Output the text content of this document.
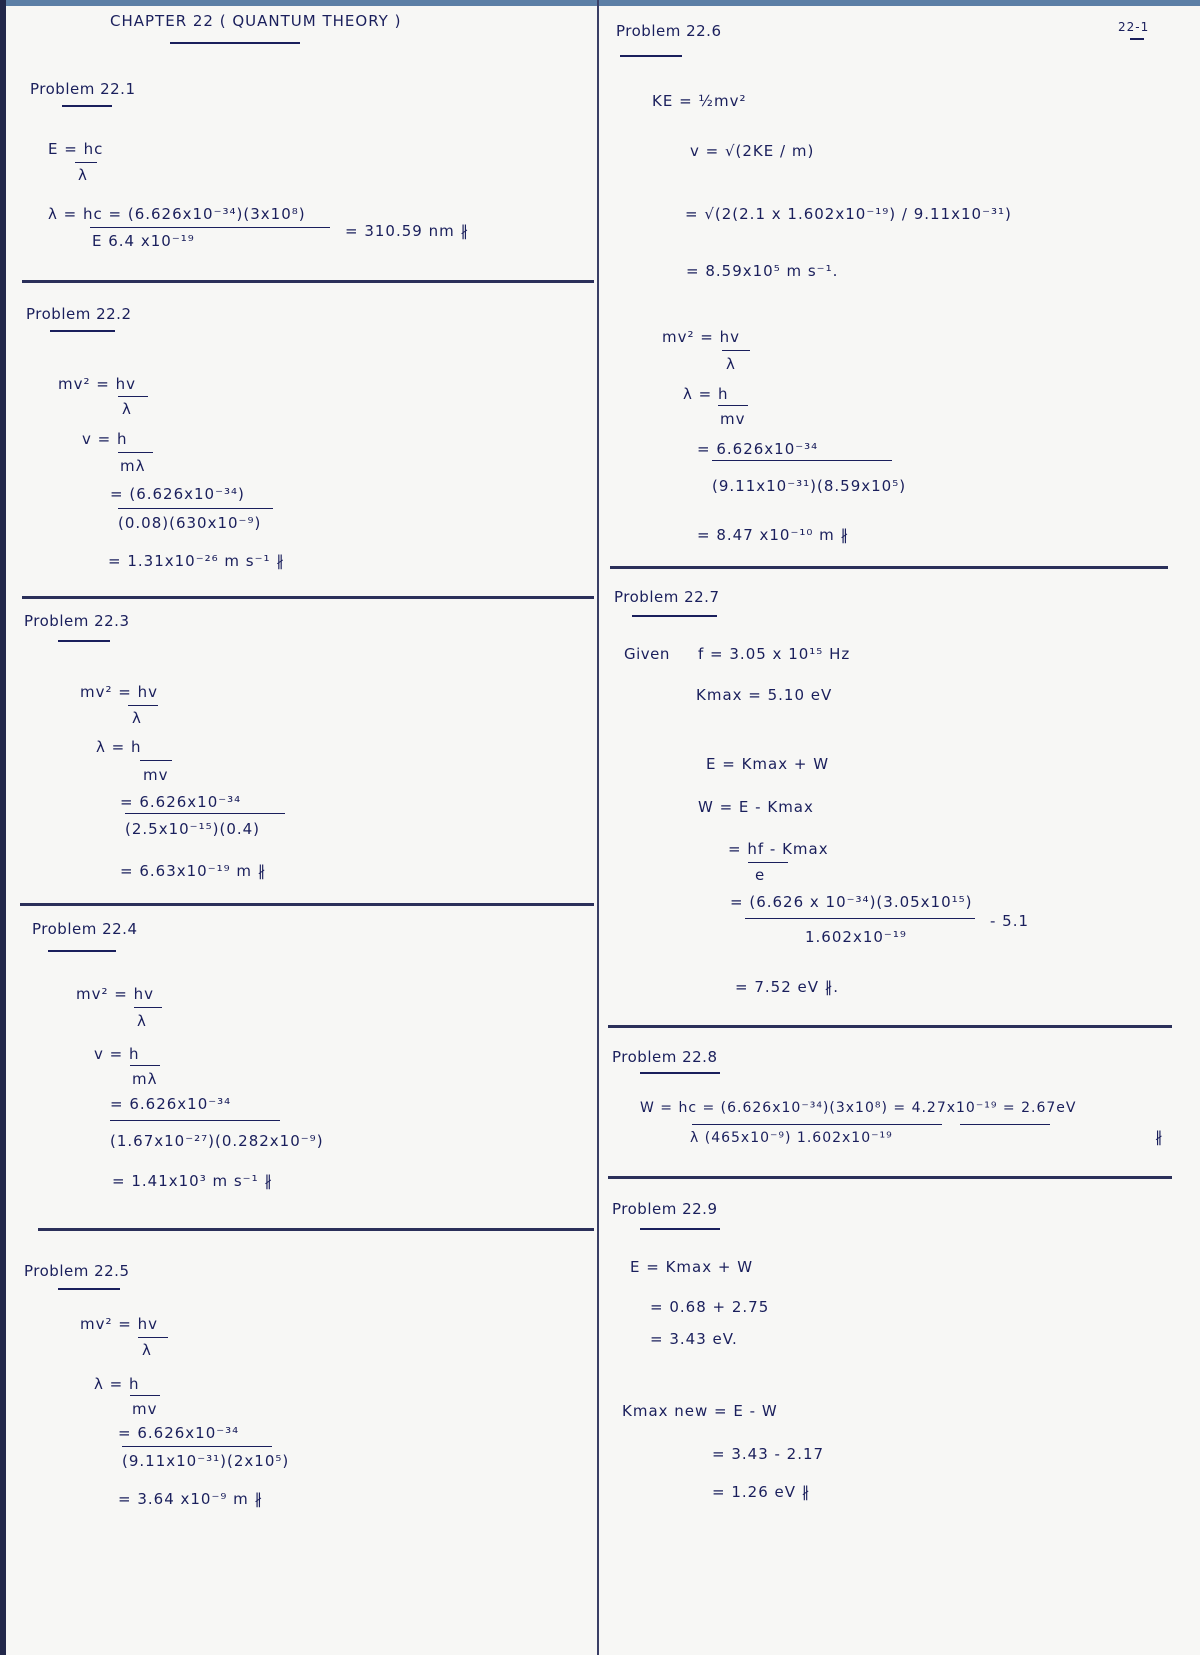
22-1
CHAPTER 22 ( QUANTUM THEORY )
Problem 22.1
E = hc
λ
λ = hc = (6.626x10⁻³⁴)(3x10⁸)
E 6.4 x10⁻¹⁹
= 310.59 nm ∦
Problem 22.2
mv² = hv
λ
v = h
mλ
= (6.626x10⁻³⁴)
(0.08)(630x10⁻⁹)
= 1.31x10⁻²⁶ m s⁻¹ ∦
Problem 22.3
mv² = hv
λ
λ = h
mv
= 6.626x10⁻³⁴
(2.5x10⁻¹⁵)(0.4)
= 6.63x10⁻¹⁹ m ∦
Problem 22.4
mv² = hv
λ
v = h
mλ
= 6.626x10⁻³⁴
(1.67x10⁻²⁷)(0.282x10⁻⁹)
= 1.41x10³ m s⁻¹ ∦
Problem 22.5
mv² = hv
λ
λ = h
mv
= 6.626x10⁻³⁴
(9.11x10⁻³¹)(2x10⁵)
= 3.64 x10⁻⁹ m ∦
Problem 22.6
KE = ½mv²
v = √(2KE / m)
= √(2(2.1 x 1.602x10⁻¹⁹) / 9.11x10⁻³¹)
= 8.59x10⁵ m s⁻¹.
mv² = hv
λ
λ = h
mv
= 6.626x10⁻³⁴
(9.11x10⁻³¹)(8.59x10⁵)
= 8.47 x10⁻¹⁰ m ∦
Problem 22.7
Given f = 3.05 x 10¹⁵ Hz
Kmax = 5.10 eV
E = Kmax + W
W = E - Kmax
= hf - Kmax
e
= (6.626 x 10⁻³⁴)(3.05x10¹⁵)
1.602x10⁻¹⁹
- 5.1
= 7.52 eV ∦.
Problem 22.8
W = hc = (6.626x10⁻³⁴)(3x10⁸) = 4.27x10⁻¹⁹ = 2.67eV
λ (465x10⁻⁹) 1.602x10⁻¹⁹	∦
Problem 22.9
E = Kmax + W
= 0.68 + 2.75
= 3.43 eV.
Kmax new = E - W
= 3.43 - 2.17
= 1.26 eV ∦
